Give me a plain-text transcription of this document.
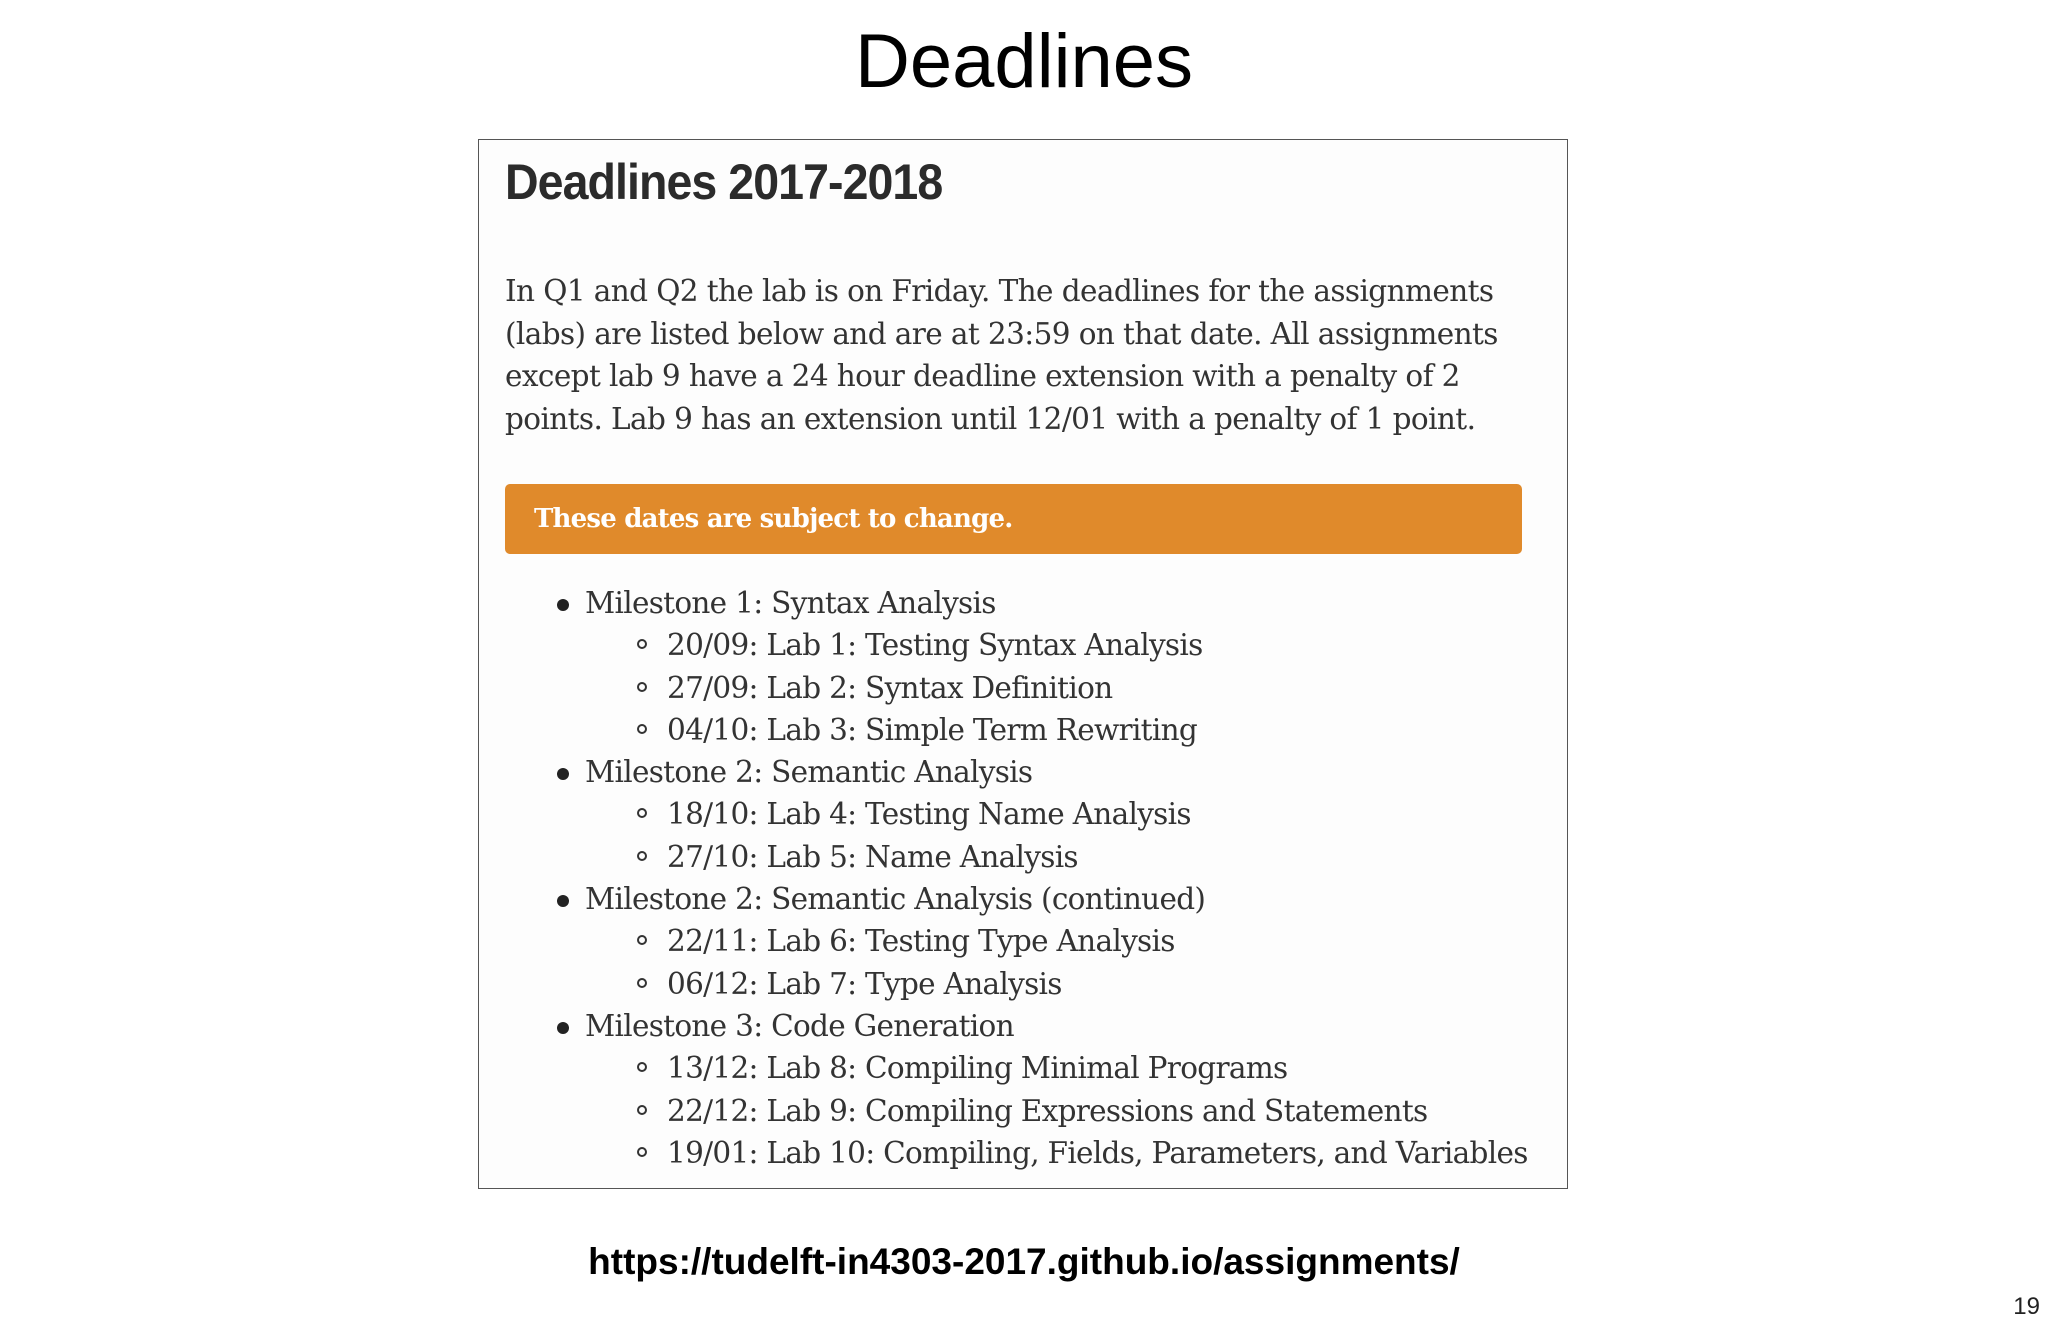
Deadlines
Deadlines 2017-2018

In Q1 and Q2 the lab is on Friday. The deadlines for the assignments (labs) are listed below and are at 23:59 on that date. All assignments except lab 9 have a 24 hour deadline extension with a penalty of 2 points. Lab 9 has an extension until 12/01 with a penalty of 1 point.

These dates are subject to change.
Milestone 1: Syntax Analysis
20/09: Lab 1: Testing Syntax Analysis
27/09: Lab 2: Syntax Definition
04/10: Lab 3: Simple Term Rewriting
Milestone 2: Semantic Analysis
18/10: Lab 4: Testing Name Analysis
27/10: Lab 5: Name Analysis
Milestone 2: Semantic Analysis (continued)
22/11: Lab 6: Testing Type Analysis
06/12: Lab 7: Type Analysis
Milestone 3: Code Generation
13/12: Lab 8: Compiling Minimal Programs
22/12: Lab 9: Compiling Expressions and Statements
19/01: Lab 10: Compiling, Fields, Parameters, and Variables
https://tudelft-in4303-2017.github.io/assignments/
19
